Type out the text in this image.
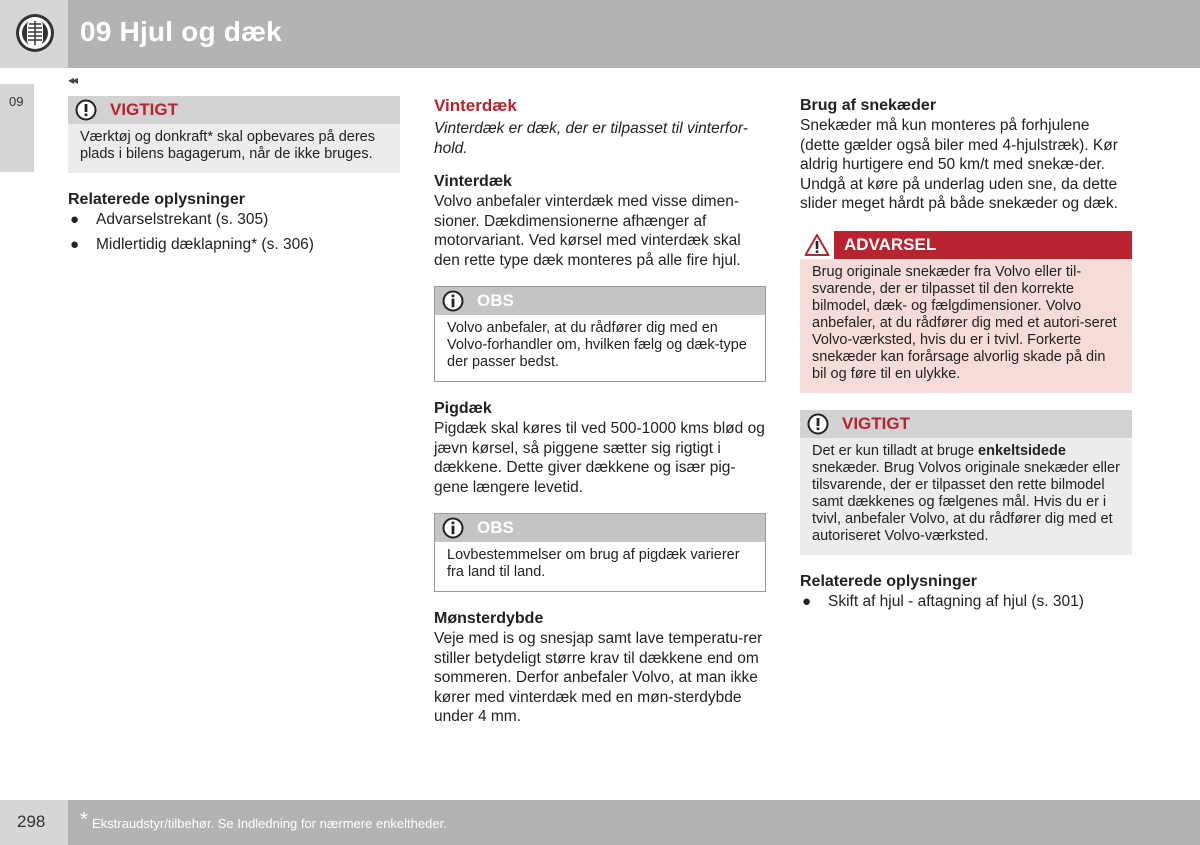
09 Hjul og dæk
09
◂◂
VIGTIGT
Værktøj og donkraft* skal opbevares på deres plads i bilens bagagerum, når de ikke bruges.
Relaterede oplysninger
● Advarselstrekant (s. 305)
● Midlertidig dæklapning* (s. 306)
Vinterdæk
Vinterdæk er dæk, der er tilpasset til vinterfor-hold.
Vinterdæk
Volvo anbefaler vinterdæk med visse dimen-sioner. Dækdimensionerne afhænger af motorvariant. Ved kørsel med vinterdæk skal den rette type dæk monteres på alle fire hjul.
OBS
Volvo anbefaler, at du rådfører dig med en Volvo-forhandler om, hvilken fælg og dæk-type der passer bedst.
Pigdæk
Pigdæk skal køres til ved 500-1000 kms blød og jævn kørsel, så piggene sætter sig rigtigt i dækkene. Dette giver dækkene og især pig-gene længere levetid.
OBS
Lovbestemmelser om brug af pigdæk varierer fra land til land.
Mønsterdybde
Veje med is og snesjap samt lave temperatu-rer stiller betydeligt større krav til dækkene end om sommeren. Derfor anbefaler Volvo, at man ikke kører med vinterdæk med en møn-sterdybde under 4 mm.
Brug af snekæder
Snekæder må kun monteres på forhjulene (dette gælder også biler med 4-hjulstræk). Kør aldrig hurtigere end 50 km/t med snekæ-der. Undgå at køre på underlag uden sne, da dette slider meget hårdt på både snekæder og dæk.
ADVARSEL
Brug originale snekæder fra Volvo eller til-svarende, der er tilpasset til den korrekte bilmodel, dæk- og fælgdimensioner. Volvo anbefaler, at du rådfører dig med et autori-seret Volvo-værksted, hvis du er i tvivl. Forkerte snekæder kan forårsage alvorlig skade på din bil og føre til en ulykke.
VIGTIGT
Det er kun tilladt at bruge enkeltsidede snekæder. Brug Volvos originale snekæder eller tilsvarende, der er tilpasset den rette bilmodel samt dækkenes og fælgenes mål. Hvis du er i tvivl, anbefaler Volvo, at du rådfører dig med et autoriseret Volvo-værksted.
Relaterede oplysninger
● Skift af hjul - aftagning af hjul (s. 301)
298 * Ekstraudstyr/tilbehør. Se Indledning for nærmere enkeltheder.
